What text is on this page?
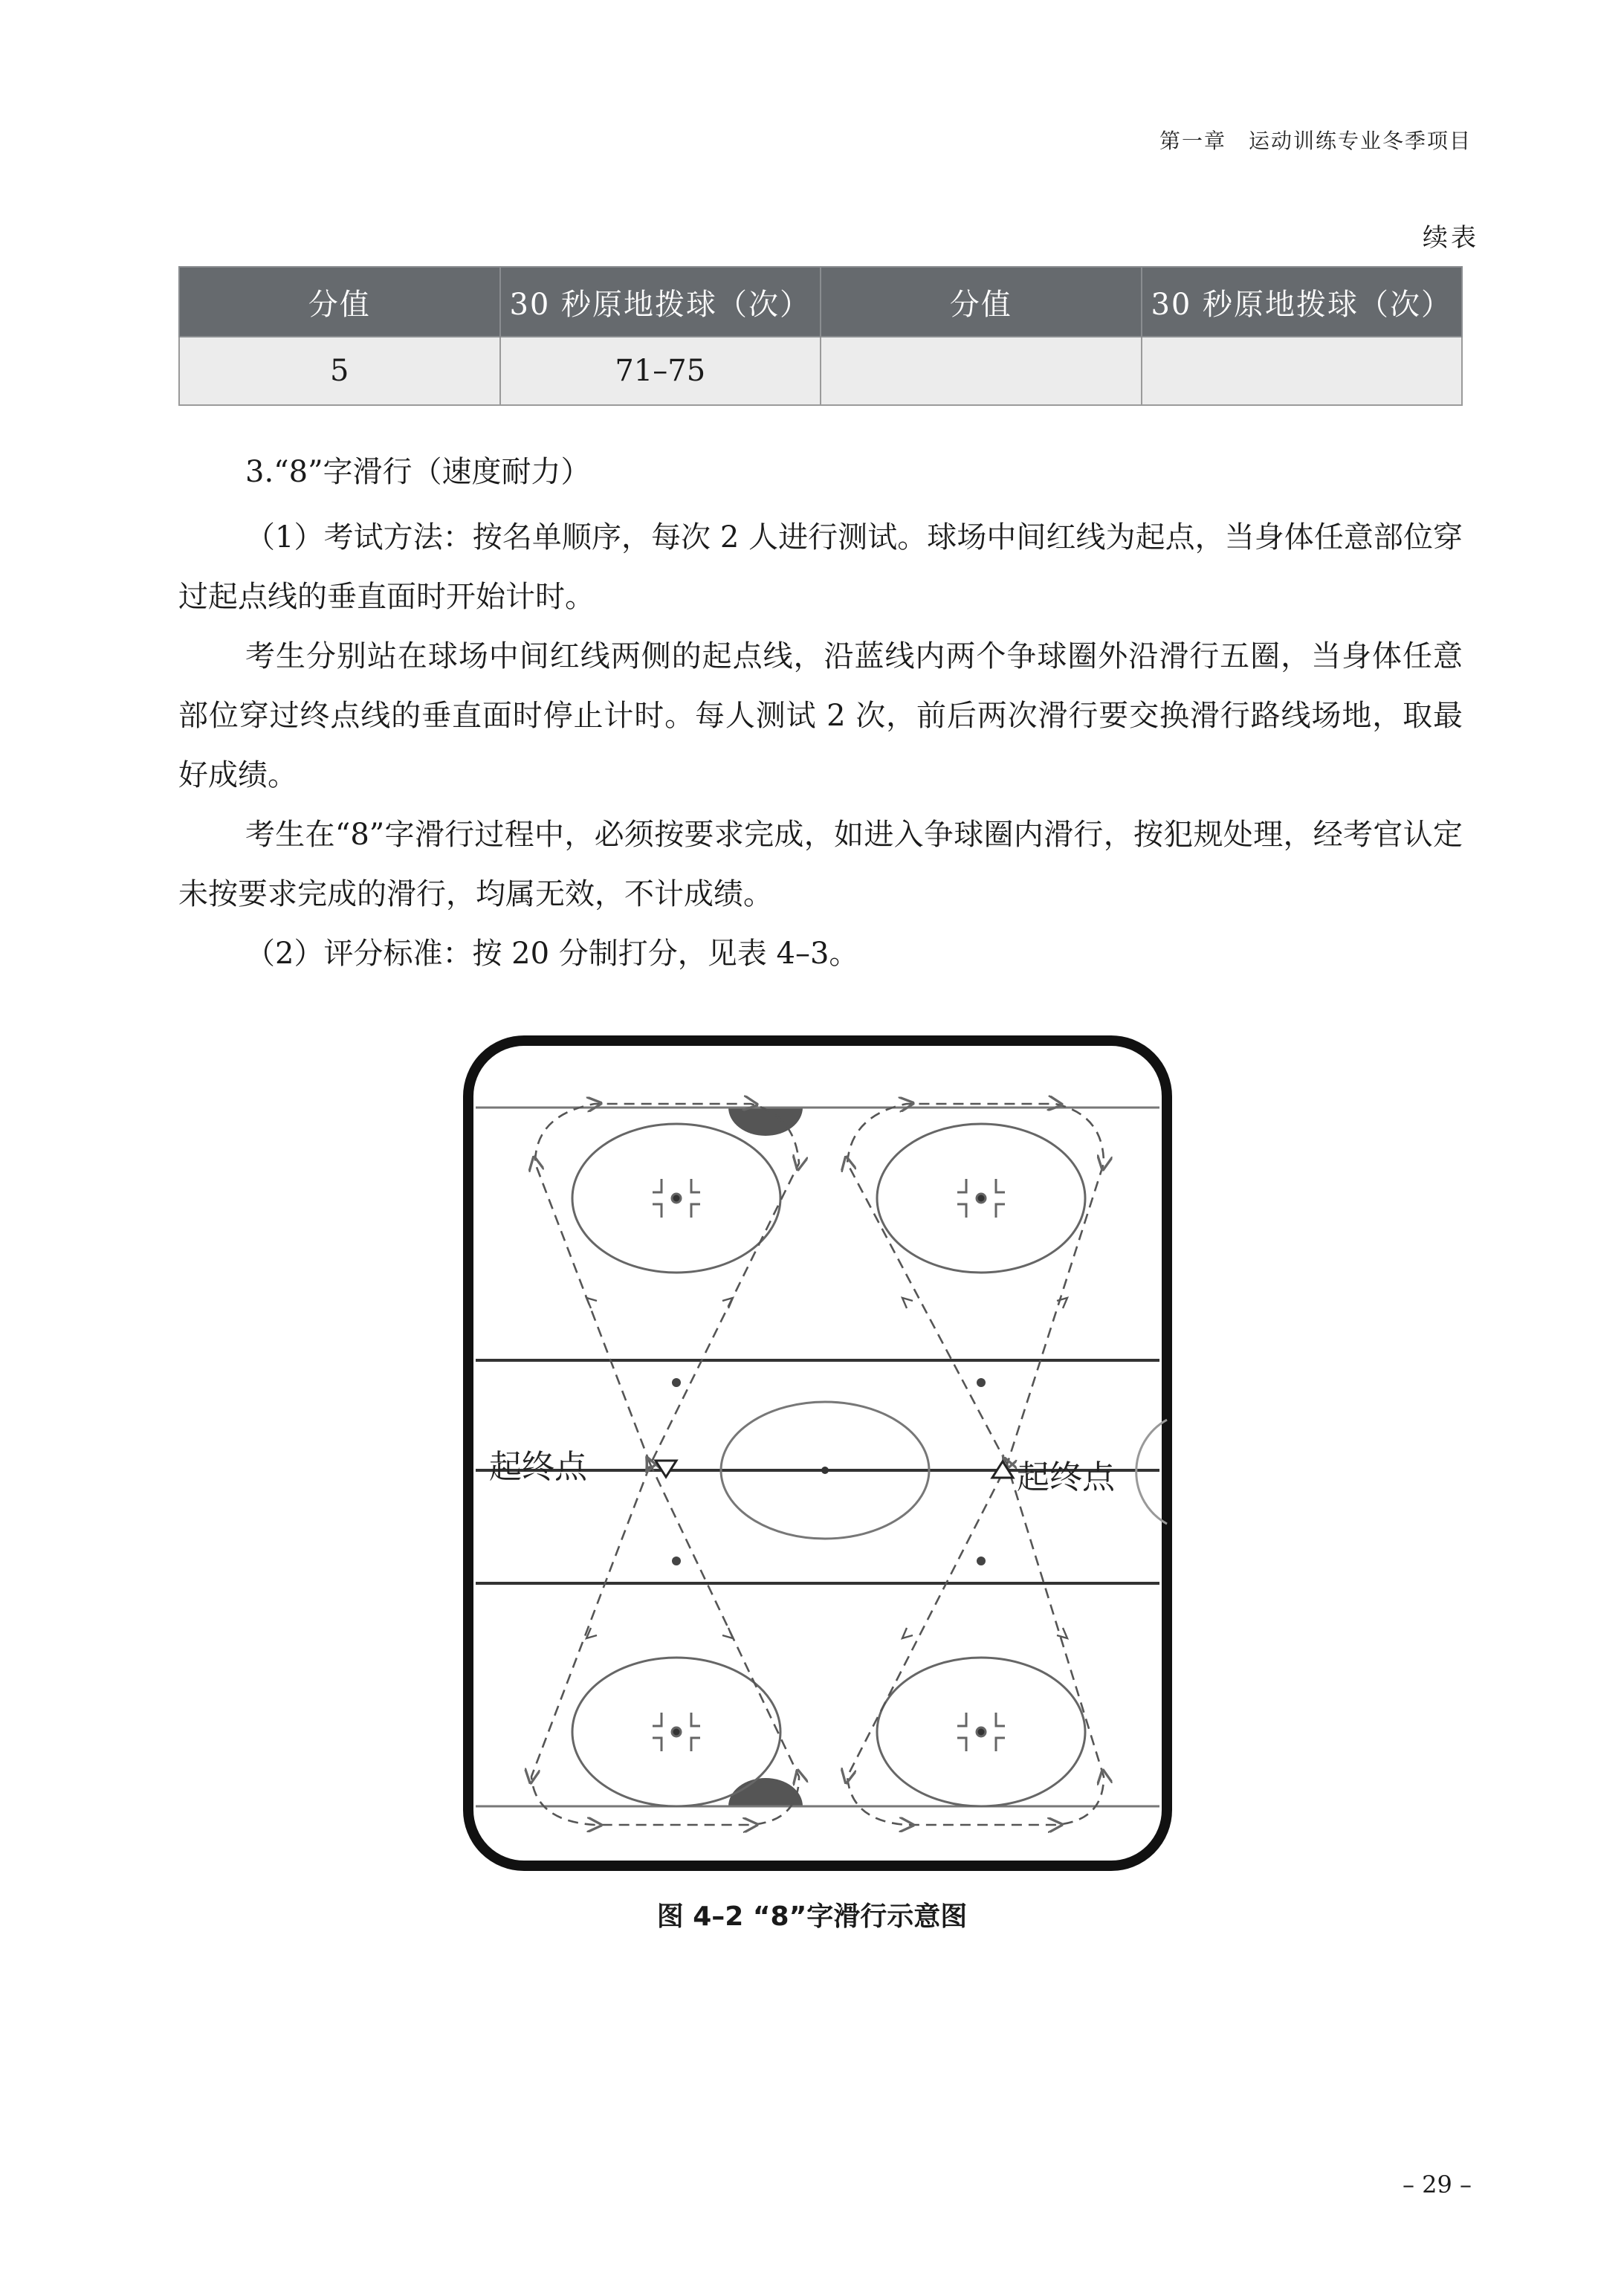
第一章　运动训练专业冬季项目
续表
分值	30 秒原地拨球（次）	分值	30 秒原地拨球（次）
5	71–75		
3.“8”字滑行（速度耐力）

（1）考试方法：按名单顺序，每次 2 人进行测试。球场中间红线为起点，当身体任意部位穿过起点线的垂直面时开始计时。

考生分别站在球场中间红线两侧的起点线，沿蓝线内两个争球圈外沿滑行五圈，当身体任意部位穿过终点线的垂直面时停止计时。每人测试 2 次，前后两次滑行要交换滑行路线场地，取最好成绩。

考生在“8”字滑行过程中，必须按要求完成，如进入争球圈内滑行，按犯规处理，经考官认定未按要求完成的滑行，均属无效，不计成绩。

（2）评分标准：按 20 分制打分，见表 4–3。

起终点	起终点
图 4–2 “8”字滑行示意图
– 29 –
